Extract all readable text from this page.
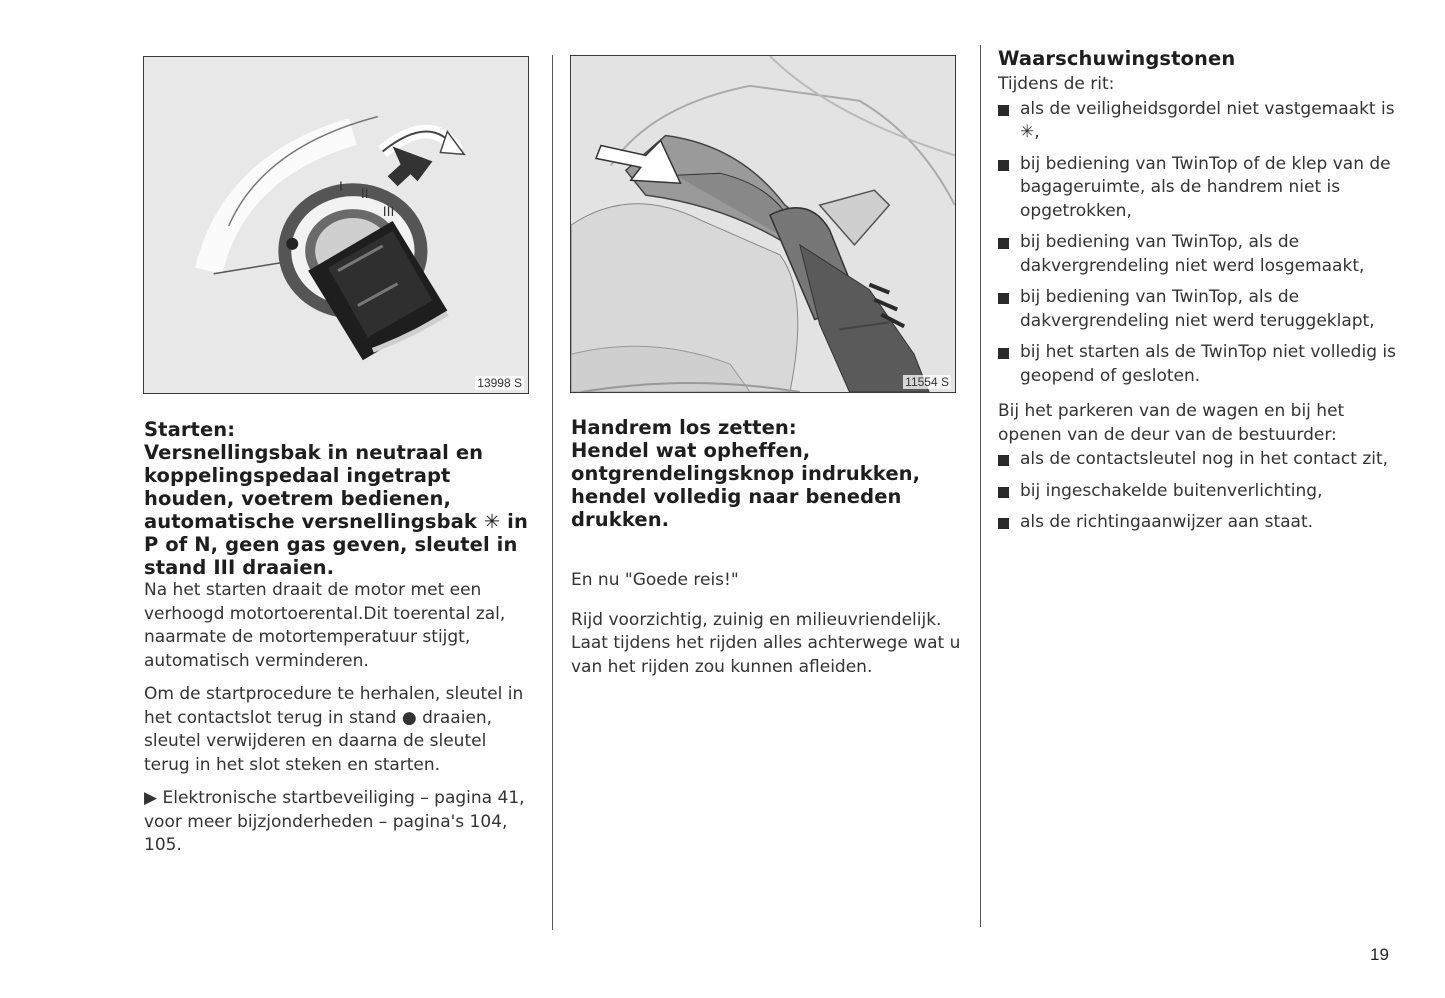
I II
III
13998 S	11554 S

Starten:
Versnellingsbak in neutraal en koppelingspedaal ingetrapt houden, voetrem bedienen, automatische versnellingsbak ✳ in P of N, geen gas geven, sleutel in stand III draaien.

Na het starten draait de motor met een verhoogd motortoerental.Dit toerental zal, naarmate de motortemperatuur stijgt, automatisch verminderen.

Om de startprocedure te herhalen, sleutel in het contactslot terug in stand ● draaien, sleutel verwijderen en daarna de sleutel terug in het slot steken en starten.

▶ Elektronische startbeveiliging – pagina 41, voor meer bijzjonderheden – pagina's 104, 105.

Handrem los zetten:
Hendel wat opheffen, ontgrendelingsknop indrukken, hendel volledig naar beneden drukken.

En nu "Goede reis!"

Rijd voorzichtig, zuinig en milieuvriendelijk. Laat tijdens het rijden alles achterwege wat u van het rijden zou kunnen afleiden.

Waarschuwingstonen

Tijdens de rit:

als de veiligheidsgordel niet vastgemaakt is ✳,
bij bediening van TwinTop of de klep van de bagageruimte, als de handrem niet is opgetrokken,
bij bediening van TwinTop, als de dakvergrendeling niet werd losgemaakt,
bij bediening van TwinTop, als de dakvergrendeling niet werd teruggeklapt,
bij het starten als de TwinTop niet volledig is geopend of gesloten.

Bij het parkeren van de wagen en bij het openen van de deur van de bestuurder:

als de contactsleutel nog in het contact zit,
bij ingeschakelde buitenverlichting,
als de richtingaanwijzer aan staat.
19
